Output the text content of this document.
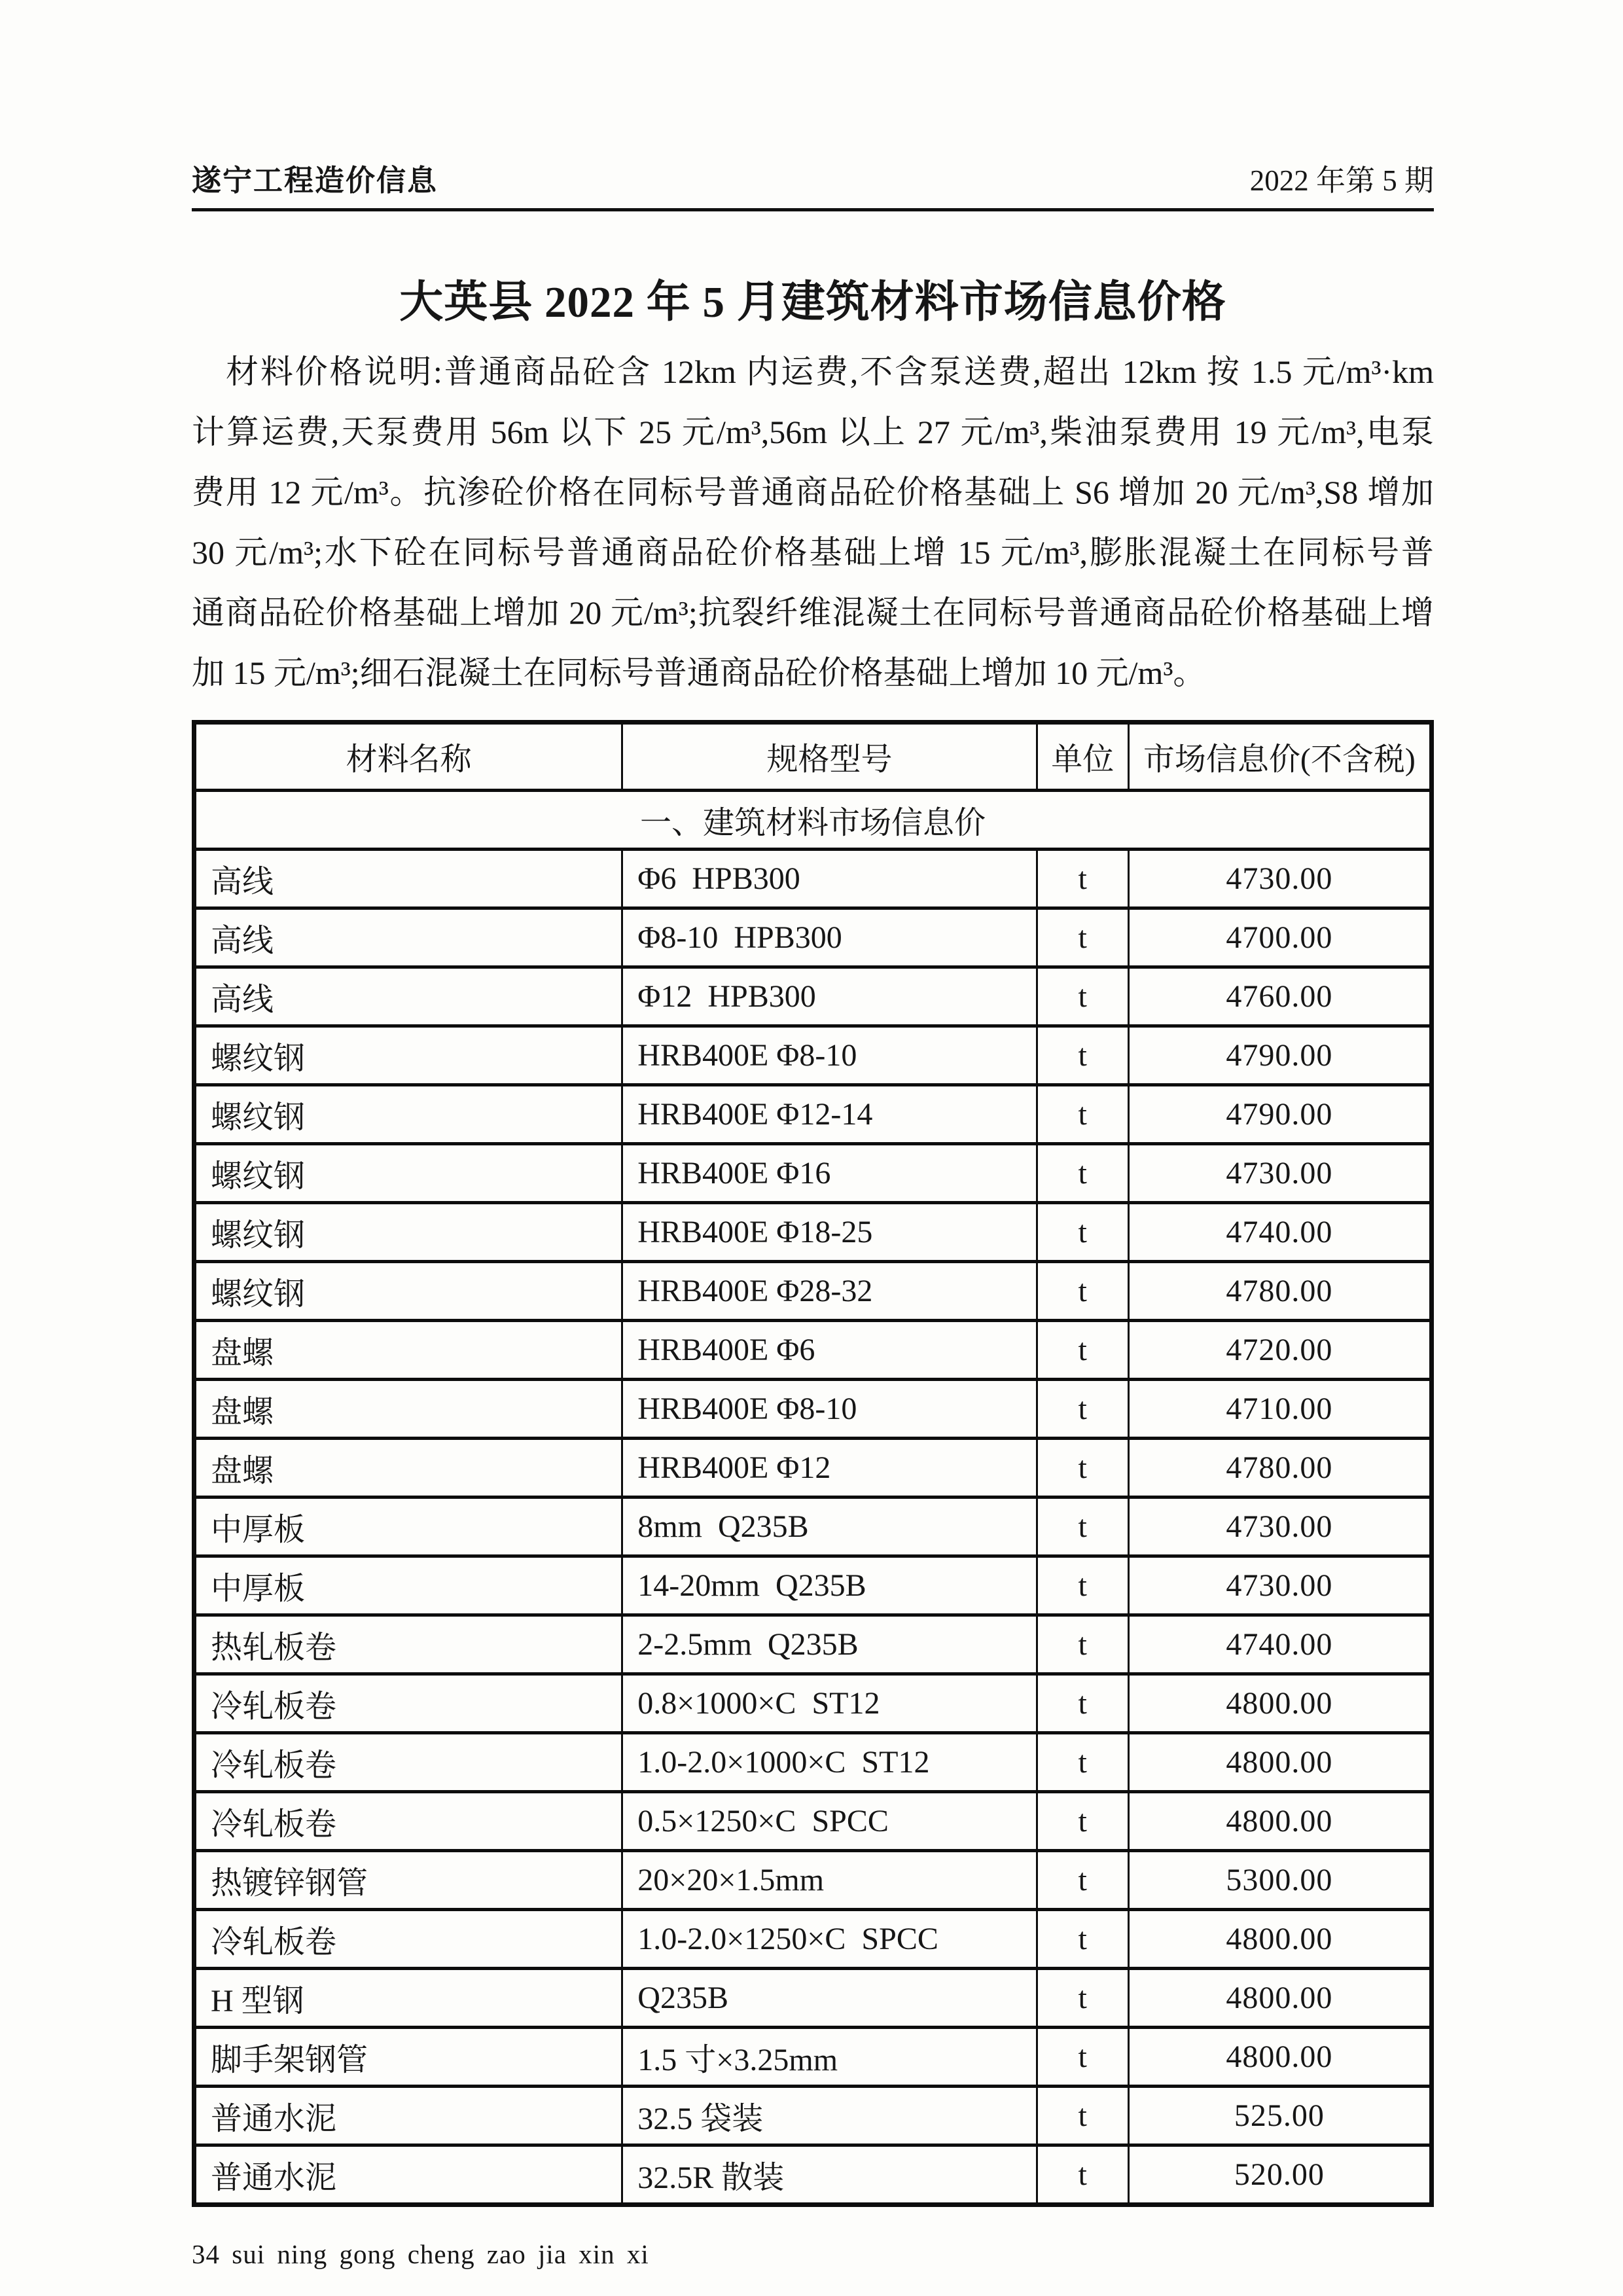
遂宁工程造价信息	2022 年第 5 期
大英县 2022 年 5 月建筑材料市场信息价格
材料价格说明:普通商品砼含 12km 内运费,不含泵送费,超出 12km 按 1.5 元/m³·km
计算运费,天泵费用 56m 以下 25 元/m³,56m 以上 27 元/m³,柴油泵费用 19 元/m³,电泵
费用 12 元/m³。抗渗砼价格在同标号普通商品砼价格基础上 S6 增加 20 元/m³,S8 增加
30 元/m³;水下砼在同标号普通商品砼价格基础上增 15 元/m³,膨胀混凝土在同标号普
通商品砼价格基础上增加 20 元/m³;抗裂纤维混凝土在同标号普通商品砼价格基础上增
加 15 元/m³;细石混凝土在同标号普通商品砼价格基础上增加 10 元/m³。
材料名称	规格型号	单位	市场信息价(不含税)
一、建筑材料市场信息价			
高线	Φ6  HPB300	t	4730.00
高线	Φ8-10  HPB300	t	4700.00
高线	Φ12  HPB300	t	4760.00
螺纹钢	HRB400E Φ8-10	t	4790.00
螺纹钢	HRB400E Φ12-14	t	4790.00
螺纹钢	HRB400E Φ16	t	4730.00
螺纹钢	HRB400E Φ18-25	t	4740.00
螺纹钢	HRB400E Φ28-32	t	4780.00
盘螺	HRB400E Φ6	t	4720.00
盘螺	HRB400E Φ8-10	t	4710.00
盘螺	HRB400E Φ12	t	4780.00
中厚板	8mm  Q235B	t	4730.00
中厚板	14-20mm  Q235B	t	4730.00
热轧板卷	2-2.5mm  Q235B	t	4740.00
冷轧板卷	0.8×1000×C  ST12	t	4800.00
冷轧板卷	1.0-2.0×1000×C  ST12	t	4800.00
冷轧板卷	0.5×1250×C  SPCC	t	4800.00
热镀锌钢管	20×20×1.5mm	t	5300.00
冷轧板卷	1.0-2.0×1250×C  SPCC	t	4800.00
H 型钢	Q235B	t	4800.00
脚手架钢管	1.5 寸×3.25mm	t	4800.00
普通水泥	32.5 袋装	t	525.00
普通水泥	32.5R 散装	t	520.00
34 sui ning gong cheng zao jia xin xi
